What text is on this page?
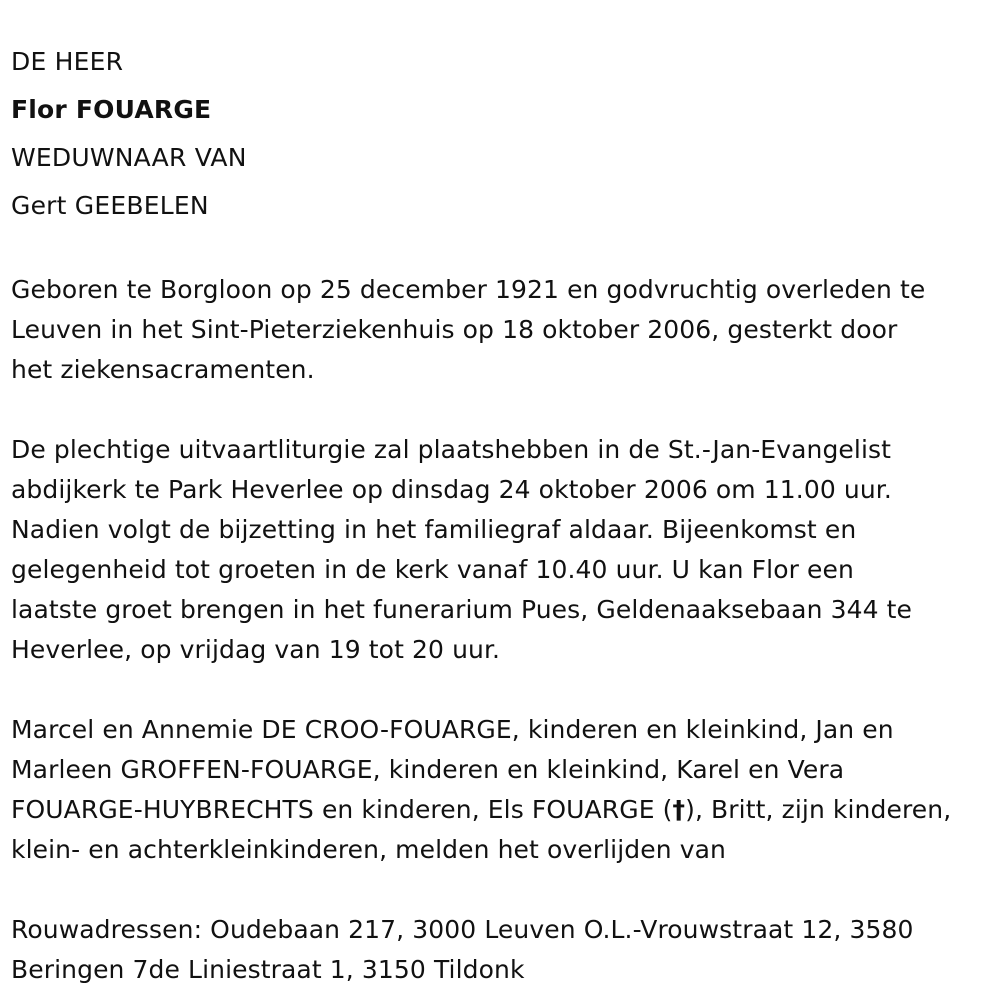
DE HEER
Flor FOUARGE
WEDUWNAAR VAN
Gert GEEBELEN

Geboren te Borgloon op 25 december 1921 en godvruchtig overleden te
Leuven in het Sint-Pieterziekenhuis op 18 oktober 2006, gesterkt door
het ziekensacramenten.

De plechtige uitvaartliturgie zal plaatshebben in de St.-Jan-Evangelist
abdijkerk te Park Heverlee op dinsdag 24 oktober 2006 om 11.00 uur.
Nadien volgt de bijzetting in het familiegraf aldaar. Bijeenkomst en
gelegenheid tot groeten in de kerk vanaf 10.40 uur. U kan Flor een
laatste groet brengen in het funerarium Pues, Geldenaaksebaan 344 te
Heverlee, op vrijdag van 19 tot 20 uur.

Marcel en Annemie DE CROO-FOUARGE, kinderen en kleinkind, Jan en
Marleen GROFFEN-FOUARGE, kinderen en kleinkind, Karel en Vera
FOUARGE-HUYBRECHTS en kinderen, Els FOUARGE (†), Britt, zijn kinderen,
klein- en achterkleinkinderen, melden het overlijden van

Rouwadressen: Oudebaan 217, 3000 Leuven O.L.-Vrouwstraat 12, 3580
Beringen 7de Liniestraat 1, 3150 Tildonk
